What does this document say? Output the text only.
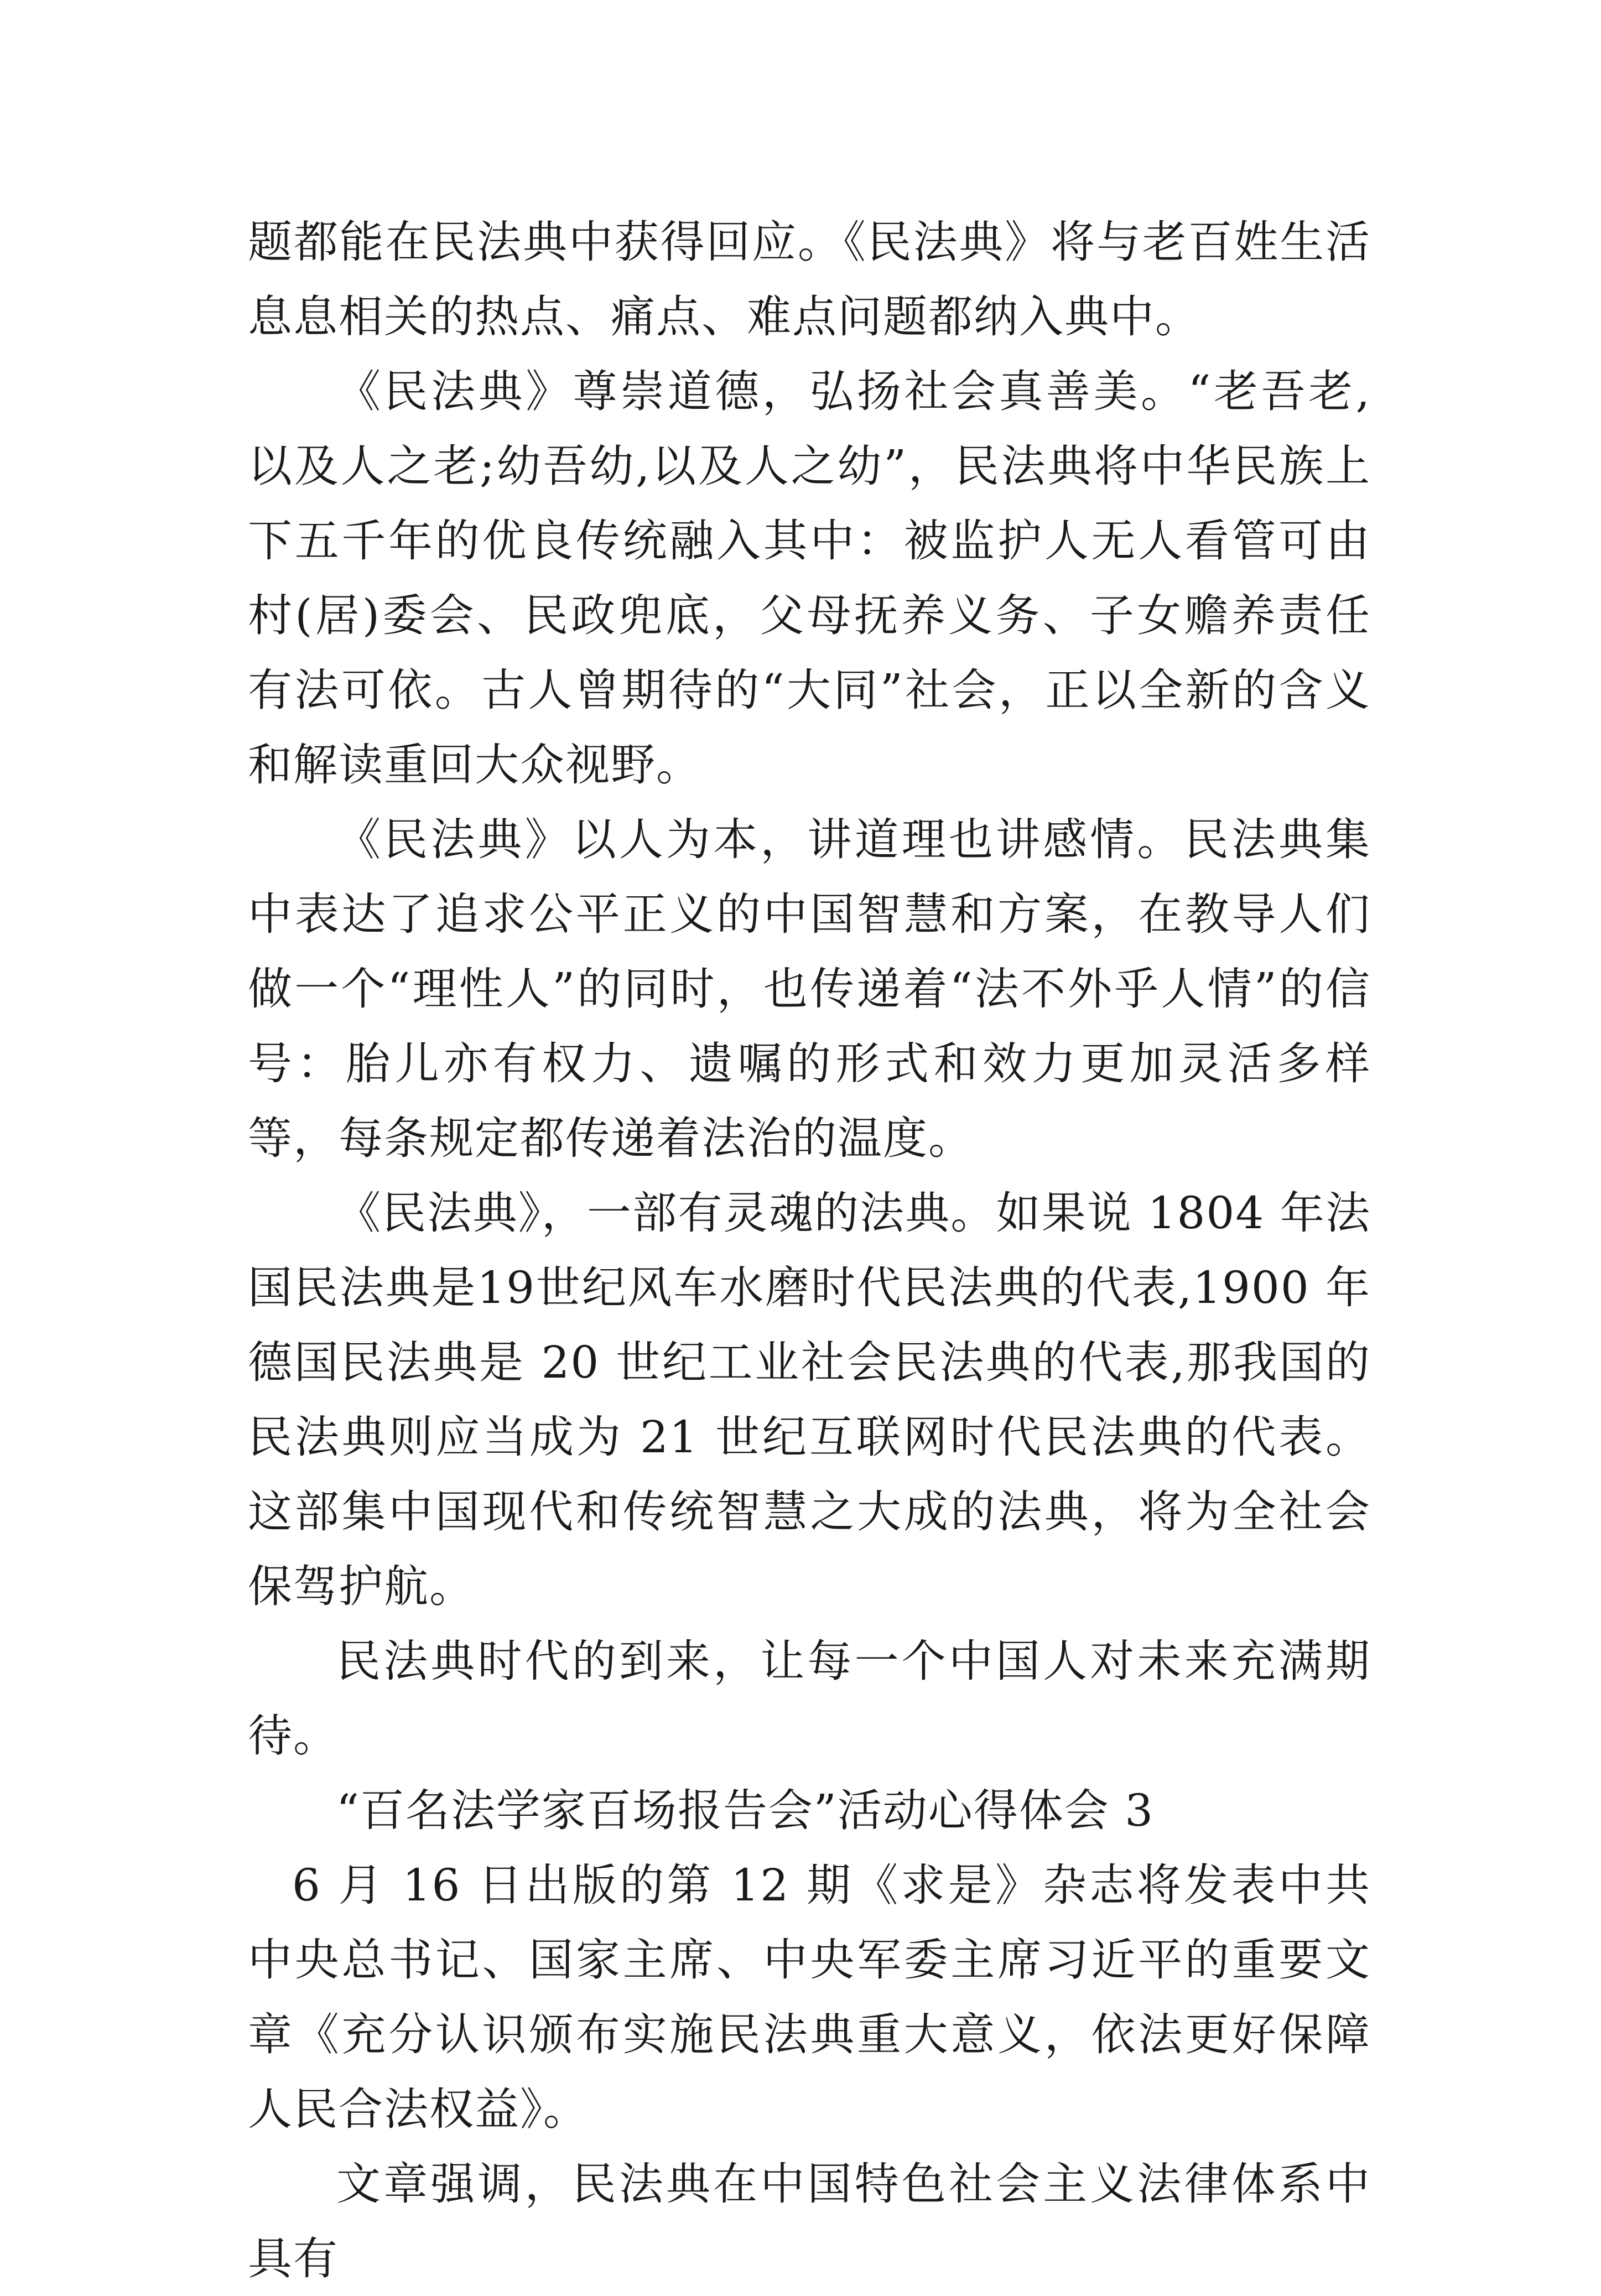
题都能在民法典中获得回应。《民法典》将与老百姓生活息息相关的热点、痛点、难点问题都纳入典中。

《民法典》尊崇道德，弘扬社会真善美。“老吾老,以及人之老;幼吾幼,以及人之幼”，民法典将中华民族上下五千年的优良传统融入其中：被监护人无人看管可由村(居)委会、民政兜底，父母抚养义务、子女赡养责任有法可依。古人曾期待的“大同”社会，正以全新的含义和解读重回大众视野。

《民法典》以人为本，讲道理也讲感情。民法典集中表达了追求公平正义的中国智慧和方案，在教导人们做一个“理性人”的同时，也传递着“法不外乎人情”的信号：胎儿亦有权力、遗嘱的形式和效力更加灵活多样等，每条规定都传递着法治的温度。

《民法典》，一部有灵魂的法典。如果说 1804 年法国民法典是19世纪风车水磨时代民法典的代表,1900 年德国民法典是 20 世纪工业社会民法典的代表,那我国的民法典则应当成为 21 世纪互联网时代民法典的代表。这部集中国现代和传统智慧之大成的法典，将为全社会保驾护航。

民法典时代的到来，让每一个中国人对未来充满期待。

“百名法学家百场报告会”活动心得体会 3

6 月 16 日出版的第 12 期《求是》杂志将发表中共中央总书记、国家主席、中央军委主席习近平的重要文章《充分认识颁布实施民法典重大意义，依法更好保障人民合法权益》。

文章强调，民法典在中国特色社会主义法律体系中具有
